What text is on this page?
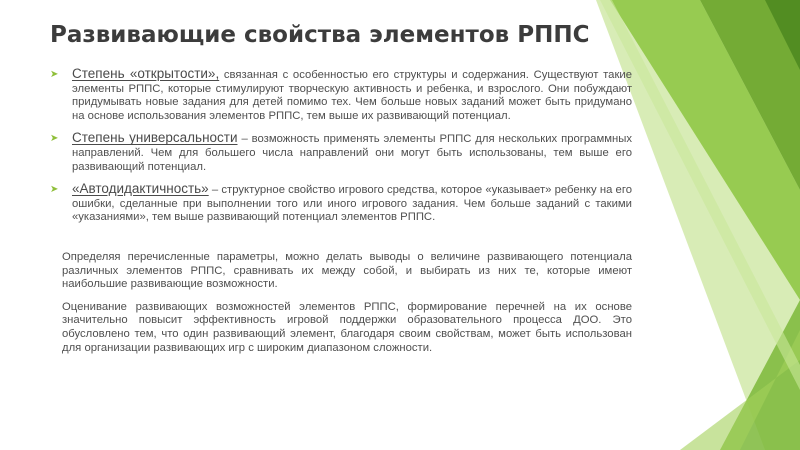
Развивающие свойства элементов РППС
➤ Степень «открытости», связанная с особенностью его структуры и содержания. Существуют такие элементы РППС, которые стимулируют творческую активность и ребенка, и взрослого. Они побуждают придумывать новые задания для детей помимо тех. Чем больше новых заданий может быть придумано на основе использования элементов РППС, тем выше их развивающий потенциал.
➤ Степень универсальности – возможность применять элементы РППС для нескольких программных направлений. Чем для большего числа направлений они могут быть использованы, тем выше его развивающий потенциал.
➤ «Автодидактичность» – структурное свойство игрового средства, которое «указывает» ребенку на его ошибки, сделанные при выполнении того или иного игрового задания. Чем больше заданий с такими «указаниями», тем выше развивающий потенциал элементов РППС.

Определяя перечисленные параметры, можно делать выводы о величине развивающего потенциала различных элементов РППС, сравнивать их между собой, и выбирать из них те, которые имеют наибольшие развивающие возможности.

Оценивание развивающих возможностей элементов РППС, формирование перечней на их основе значительно повысит эффективность игровой поддержки образовательного процесса ДОО. Это обусловлено тем, что один развивающий элемент, благодаря своим свойствам, может быть использован для организации развивающих игр с широким диапазоном сложности.
